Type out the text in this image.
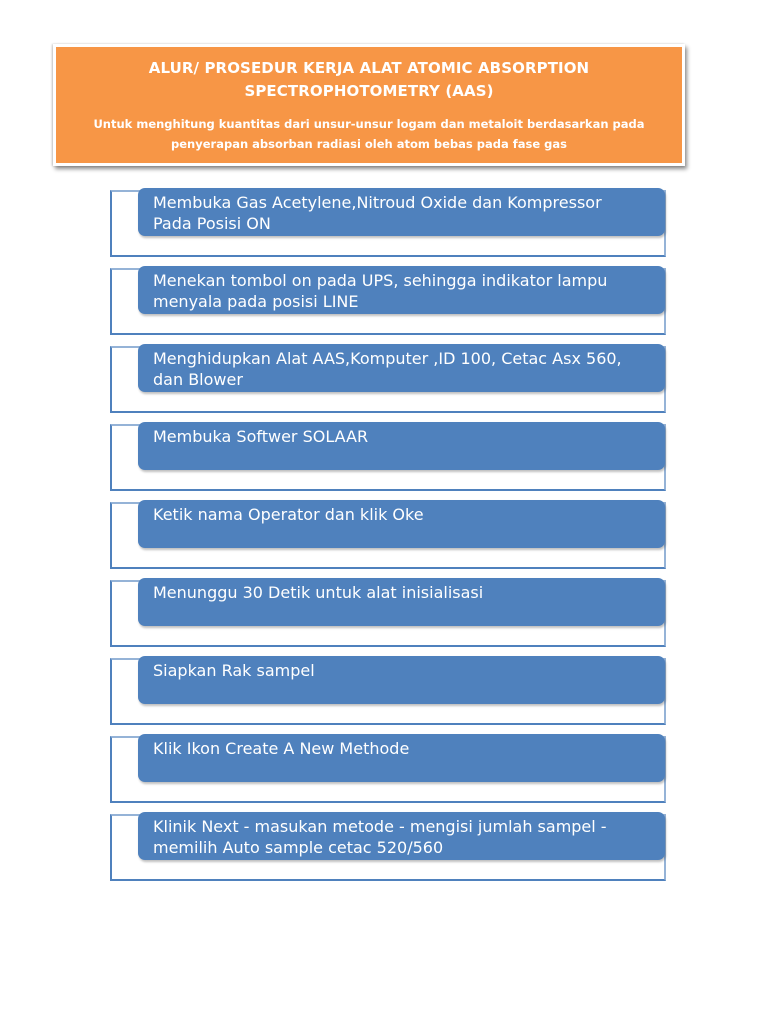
ALUR/ PROSEDUR KERJA ALAT ATOMIC ABSORPTION
SPECTROPHOTOMETRY (AAS)
Untuk menghitung kuantitas dari unsur-unsur logam dan metaloit berdasarkan pada
penyerapan absorban radiasi oleh atom bebas pada fase gas
Membuka Gas Acetylene,Nitroud Oxide dan Kompressor
Pada Posisi ON
Menekan tombol on pada UPS, sehingga indikator lampu
menyala pada posisi LINE
Menghidupkan Alat AAS,Komputer ,ID 100, Cetac Asx 560,
dan Blower
Membuka Softwer SOLAAR
Ketik nama Operator dan klik Oke
Menunggu 30 Detik untuk alat inisialisasi
Siapkan Rak sampel
Klik Ikon Create A New Methode
Klinik Next - masukan metode - mengisi jumlah sampel -
memilih Auto sample cetac 520/560
